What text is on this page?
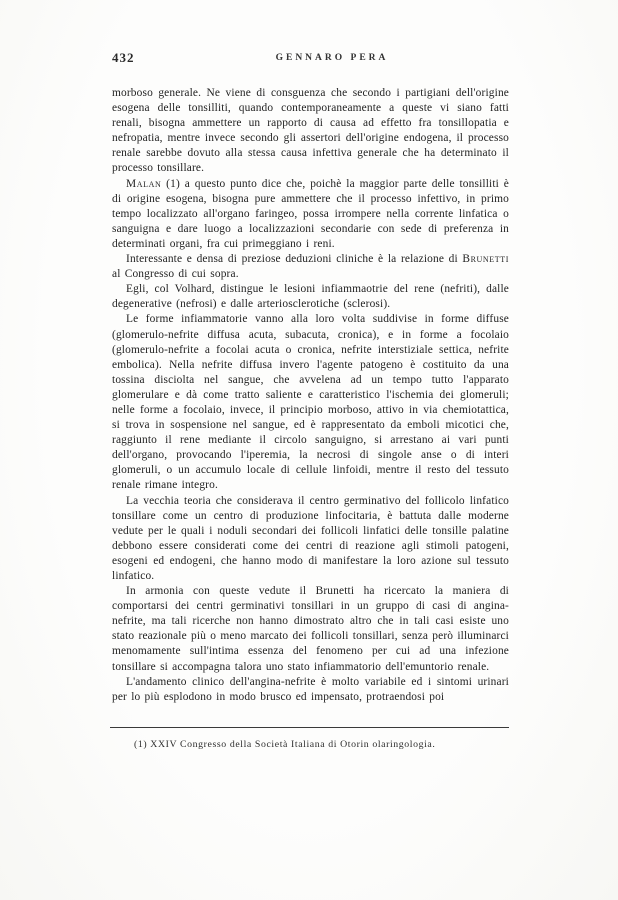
432	GENNARO PERA

morboso generale. Ne viene di consguenza che secondo i partigiani dell'origine esogena delle tonsilliti, quando contemporaneamente a queste vi siano fatti renali, bisogna ammettere un rapporto di causa ad effetto fra tonsillopatia e nefropatia, mentre invece secondo gli assertori dell'origine endogena, il processo renale sarebbe dovuto alla stessa causa infettiva generale che ha determinato il processo tonsillare.

Malan (1) a questo punto dice che, poichè la maggior parte delle tonsilliti è di origine esogena, bisogna pure ammettere che il processo infettivo, in primo tempo localizzato all'organo faringeo, possa irrompere nella corrente linfatica o sanguigna e dare luogo a localizzazioni secondarie con sede di preferenza in determinati organi, fra cui primeggiano i reni.

Interessante e densa di preziose deduzioni cliniche è la relazione di Brunetti al Congresso di cui sopra.

Egli, col Volhard, distingue le lesioni infiammaotrie del rene (nefriti), dalle degenerative (nefrosi) e dalle arteriosclerotiche (sclerosi).

Le forme infiammatorie vanno alla loro volta suddivise in forme diffuse (glomerulo-nefrite diffusa acuta, subacuta, cronica), e in forme a focolaio (glomerulo-nefrite a focolai acuta o cronica, nefrite interstiziale settica, nefrite embolica). Nella nefrite diffusa invero l'agente patogeno è costituito da una tossina disciolta nel sangue, che avvelena ad un tempo tutto l'apparato glomerulare e dà come tratto saliente e caratteristico l'ischemia dei glomeruli; nelle forme a focolaio, invece, il principio morboso, attivo in via chemiotattica, si trova in sospensione nel sangue, ed è rappresentato da emboli micotici che, raggiunto il rene mediante il circolo sanguigno, si arrestano ai vari punti dell'organo, provocando l'iperemia, la necrosi di singole anse o di interi glomeruli, o un accumulo locale di cellule linfoidi, mentre il resto del tessuto renale rimane integro.

La vecchia teoria che considerava il centro germinativo del follicolo linfatico tonsillare come un centro di produzione linfocitaria, è battuta dalle moderne vedute per le quali i noduli secondari dei follicoli linfatici delle tonsille palatine debbono essere considerati come dei centri di reazione agli stimoli patogeni, esogeni ed endogeni, che hanno modo di manifestare la loro azione sul tessuto linfatico.

In armonia con queste vedute il Brunetti ha ricercato la maniera di comportarsi dei centri germinativi tonsillari in un gruppo di casi di angina-nefrite, ma tali ricerche non hanno dimostrato altro che in tali casi esiste uno stato reazionale più o meno marcato dei follicoli tonsillari, senza però illuminarci menomamente sull'intima essenza del fenomeno per cui ad una infezione tonsillare si accompagna talora uno stato infiammatorio dell'emuntorio renale.

L'andamento clinico dell'angina-nefrite è molto variabile ed i sintomi urinari per lo più esplodono in modo brusco ed impensato, protraendosi poi

(1) XXIV Congresso della Società Italiana di Otorin olaringologia.
